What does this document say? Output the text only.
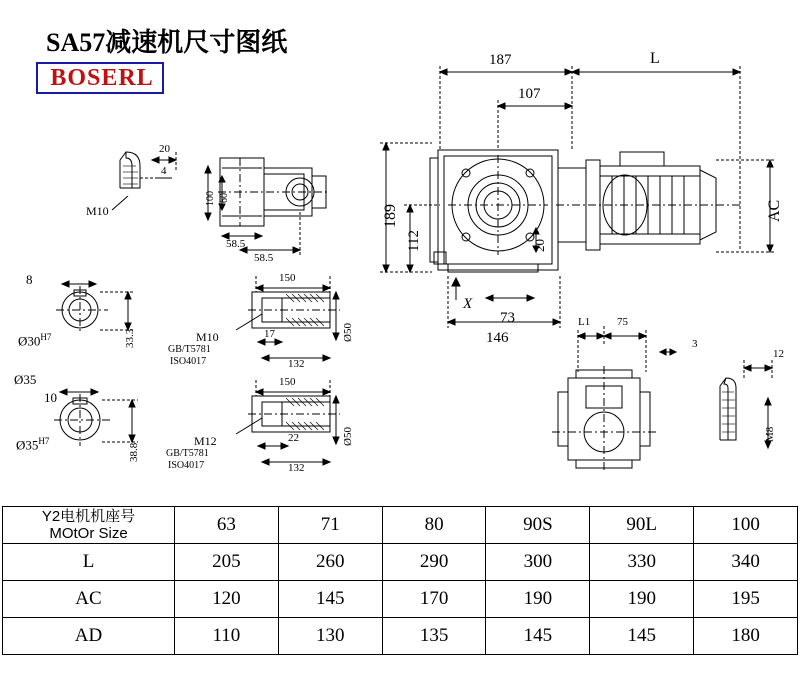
SA57减速机尺寸图纸
BOSERL
187	L
107
189
112
AC
20
73
146
X
20
4
M10
100 60
58.5
58.5
8
$Ø30^{H7}$	33.3
Ø35
10
$Ø35^{H7}$
38.8
150
M10
GB/T5781
ISO4017
17
132
Ø50
150
M12
GB/T5781
ISO4017
22
132
Ø50
L1 75
3
12
M8
Y2电机机座号
MOtOr Size	63	71	80	90S	90L	100
L	205	260	290	300	330	340
AC	120	145	170	190	190	195
AD	110	130	135	145	145	180
